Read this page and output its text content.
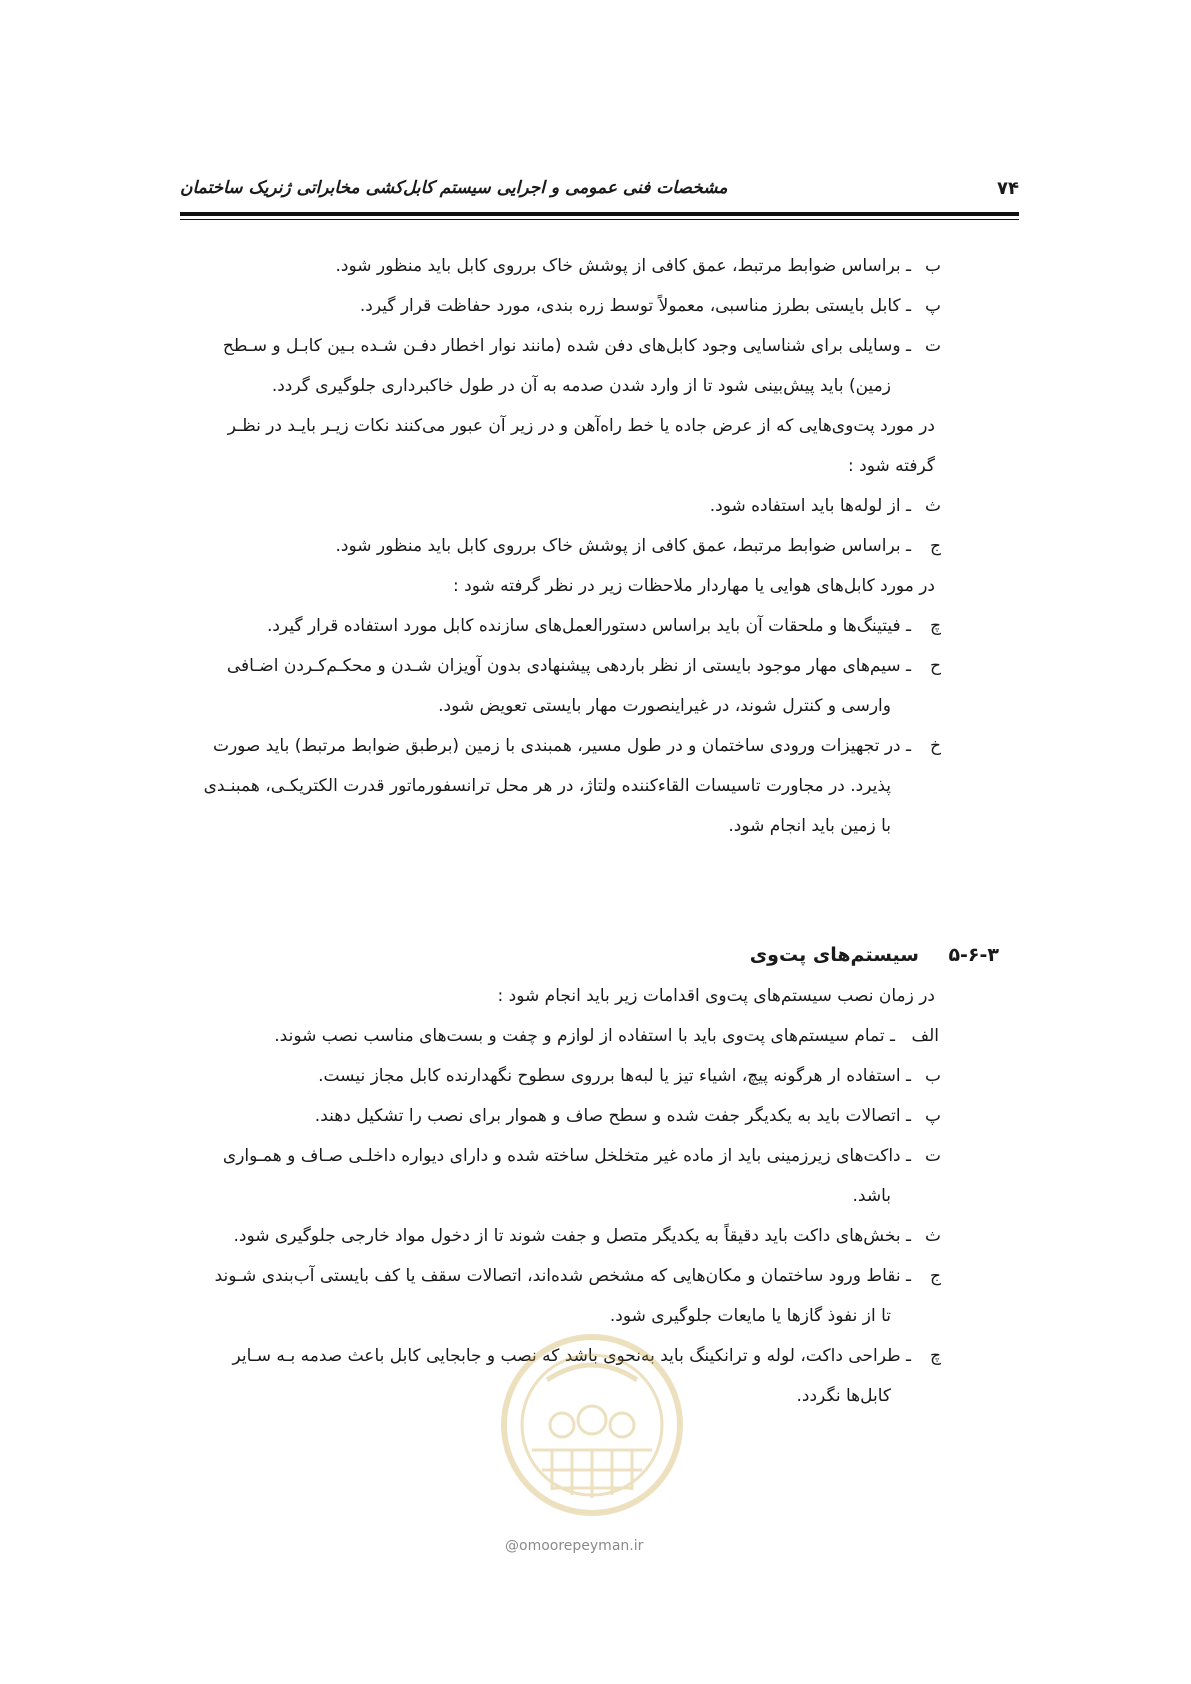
مشخصات فنی عمومی و اجرایی سیستم کابل‌کشی مخابراتی ژنریک ساختمان	۷۴
ب
ـ براساس ضوابط مرتبط، عمق کافی از پوشش خاک برروی کابل باید منظور شود.
پ
ـ کابل بایستی بطرز مناسبی، معمولاً توسط زره بندی، مورد حفاظت قرار گیرد.
ت
ـ وسایلی برای شناسایی وجود کابل‌های دفن شده (مانند نوار اخطار دفـن شـده بـین کابـل و سـطح
زمین) باید پیش‌بینی شود تا از وارد شدن صدمه به آن در طول خاکبرداری جلوگیری گردد.
در مورد پت‌وی‌هایی که از عرض جاده یا خط راه‌آهن و در زیر آن عبور می‌کنند نکات زیـر بایـد در نظـر
گرفته شود :
ث
ـ از لوله‌ها باید استفاده شود.
ج
ـ براساس ضوابط مرتبط، عمق کافی از پوشش خاک برروی کابل باید منظور شود.
در مورد کابل‌های هوایی یا مهاردار ملاحظات زیر در نظر گرفته شود :
چ
ـ فیتینگ‌ها و ملحقات آن باید براساس دستورالعمل‌های سازنده کابل مورد استفاده قرار گیرد.
ح
ـ سیم‌های مهار موجود بایستی از نظر باردهی پیشنهادی بدون آویزان شـدن و محکـم‌کـردن اضـافی
وارسی و کنترل شوند، در غیراینصورت مهار بایستی تعویض شود.
خ
ـ در تجهیزات ورودی ساختمان و در طول مسیر، همبندی با زمین (برطبق ضوابط مرتبط) باید صورت
پذیرد. در مجاورت تاسیسات القاءکننده ولتاژ، در هر محل ترانسفورماتور قدرت الکتریکـی، همبنـدی
با زمین باید انجام شود.
سیستم‌های پت‌وی ۵-۶-۳
در زمان نصب سیستم‌های پت‌وی اقدامات زیر باید انجام شود :
الف
ـ تمام سیستم‌های پت‌وی باید با استفاده از لوازم و چفت و بست‌های مناسب نصب شوند.
ب
ـ استفاده ار هرگونه پیچ، اشیاء تیز یا لبه‌ها برروی سطوح نگهدارنده کابل مجاز نیست.
پ
ـ اتصالات باید به یکدیگر جفت شده و سطح صاف و هموار برای نصب را تشکیل دهند.
ت
ـ داکت‌های زیرزمینی باید از ماده غیر متخلخل ساخته شده و دارای دیواره داخلـی صـاف و همـواری
باشد.
ث
ـ بخش‌های داکت باید دقیقاً به یکدیگر متصل و جفت شوند تا از دخول مواد خارجی جلوگیری شود.
ج
ـ نقاط ورود ساختمان و مکان‌هایی که مشخص شده‌اند، اتصالات سقف یا کف بایستی آب‌بندی شـوند
تا از نفوذ گازها یا مایعات جلوگیری شود.
چ
ـ طراحی داکت، لوله و ترانکینگ باید به‌نحوی باشد که نصب و جابجایی کابل باعث صدمه بـه سـایر
کابل‌ها نگردد.
@omoorepeyman.ir
